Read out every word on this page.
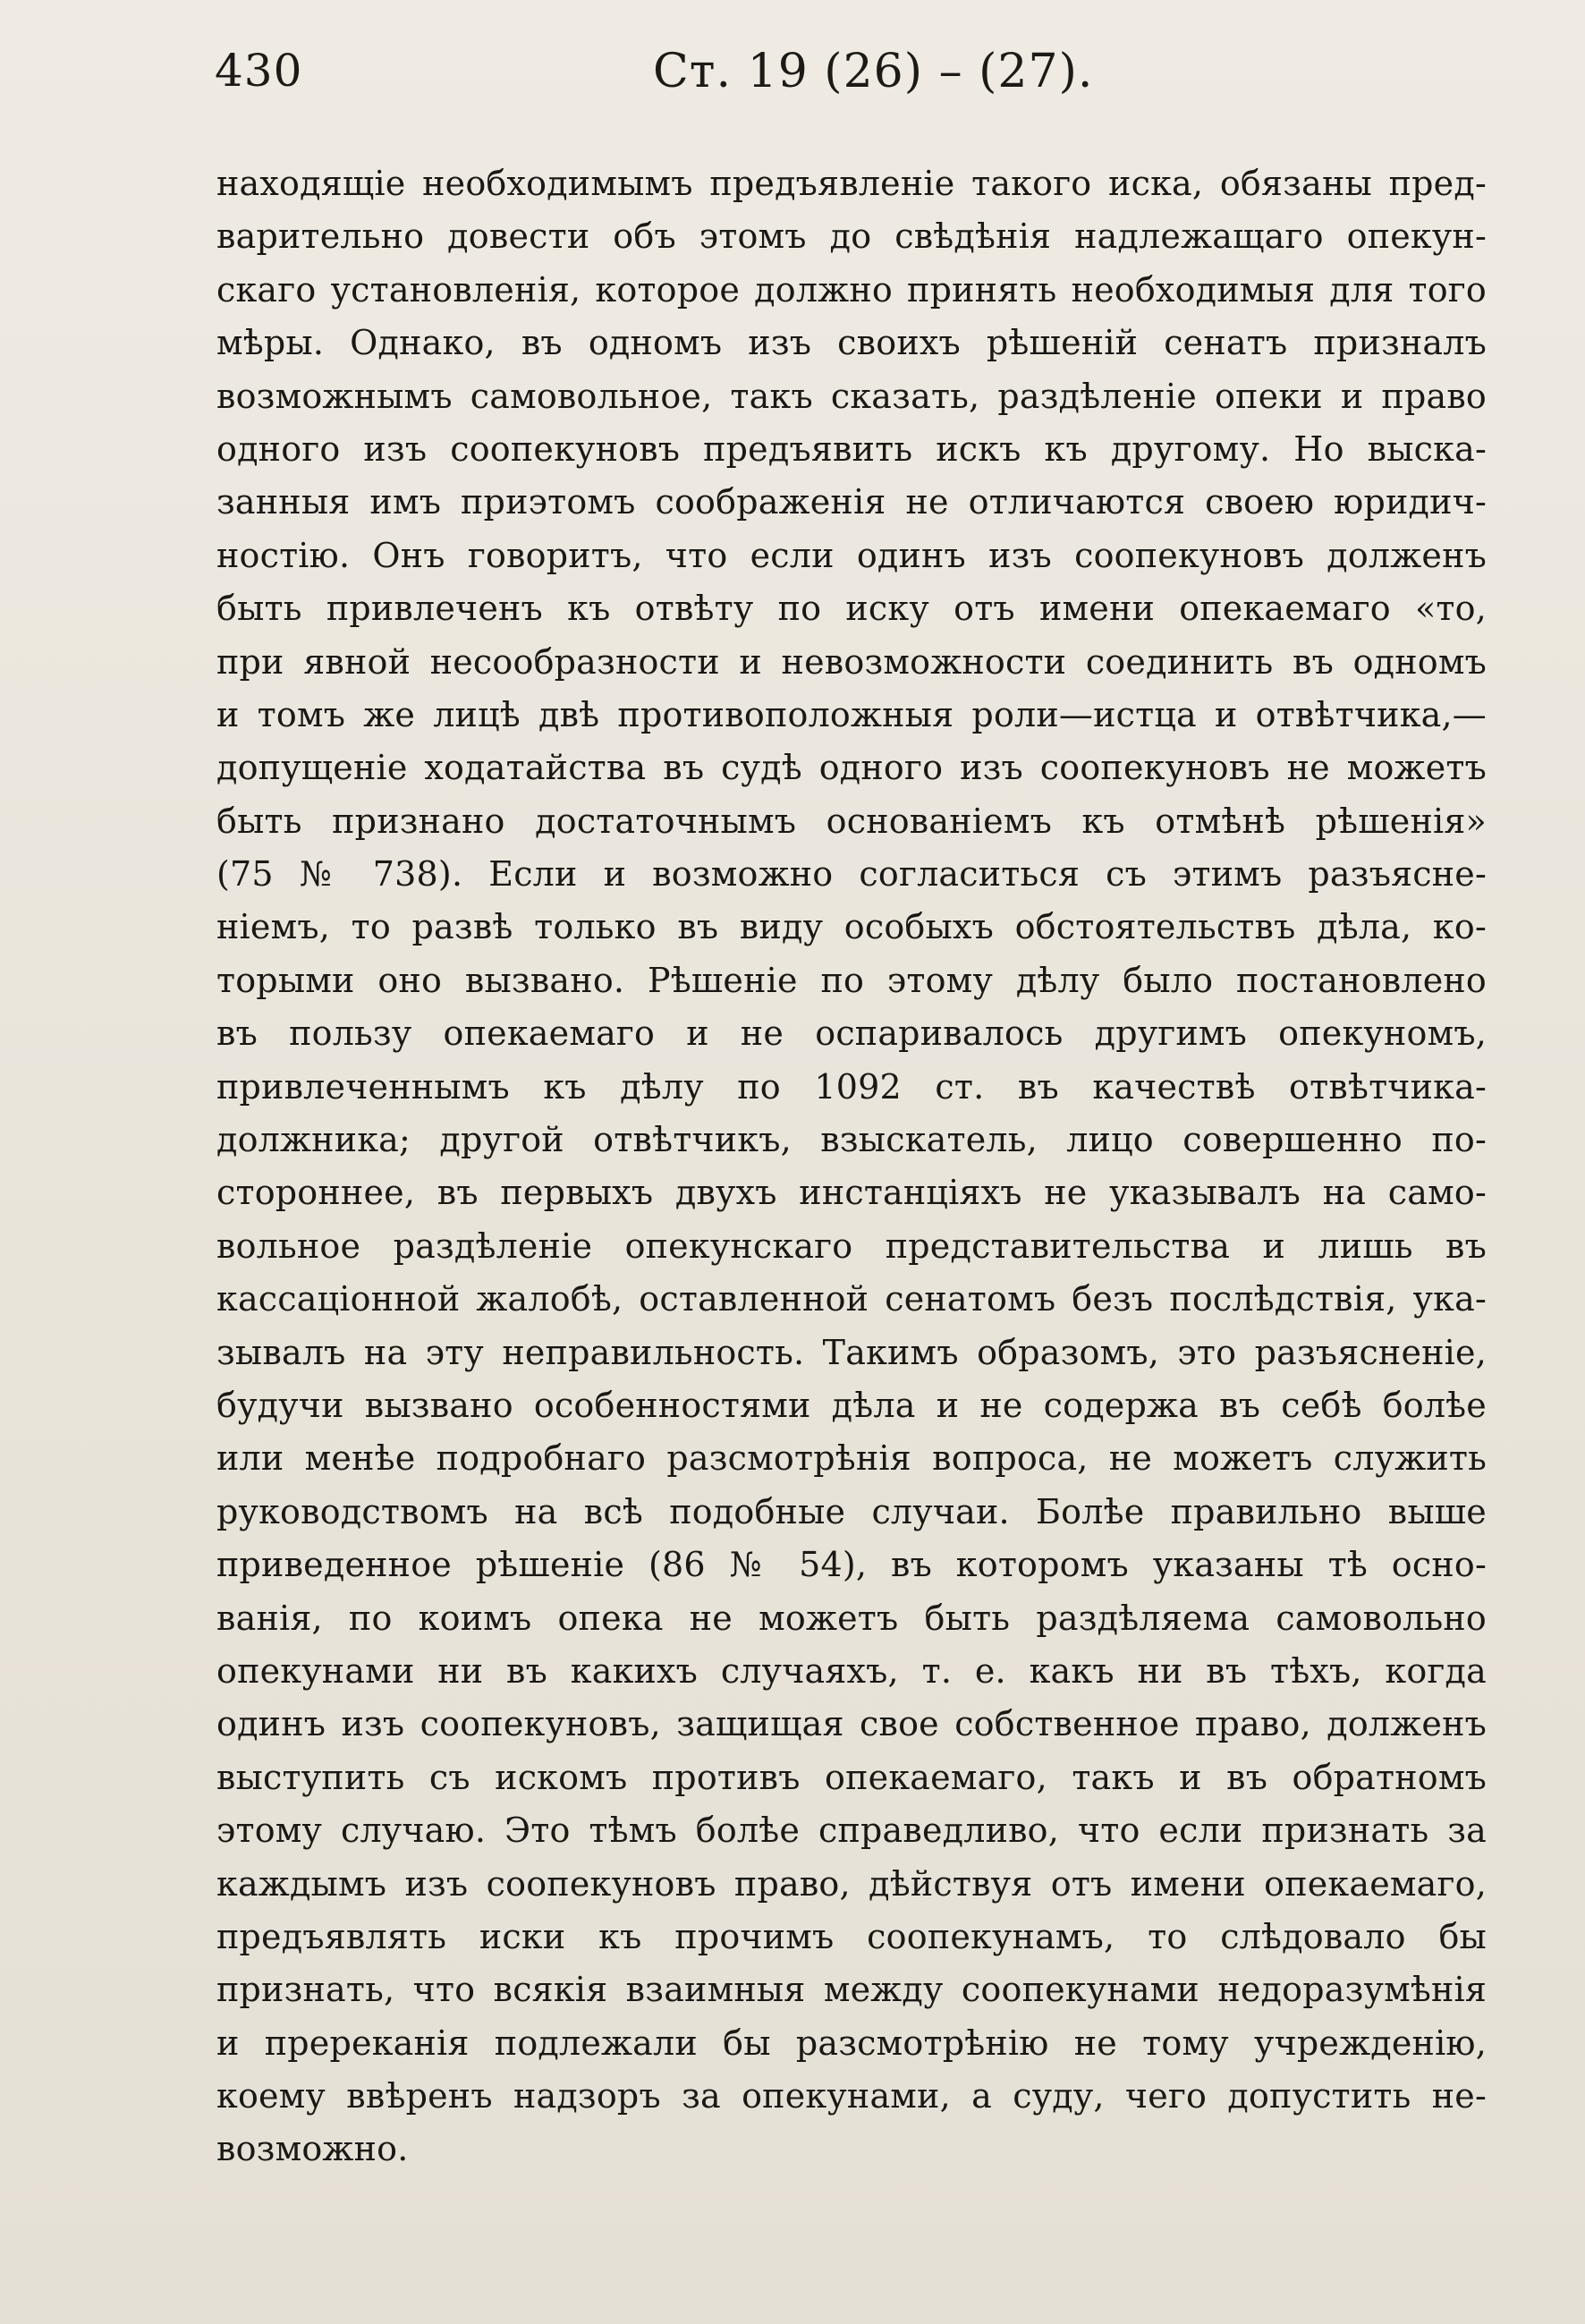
430	Ст. 19 (26) – (27).
находящіе необходимымъ предъявленіе такого иска, обязаны пред-
варительно довести объ этомъ до свѣдѣнія надлежащаго опекун-
скаго установленія, которое должно принять необходимыя для того
мѣры. Однако, въ одномъ изъ своихъ рѣшеній сенатъ призналъ
возможнымъ самовольное, такъ сказать, раздѣленіе опеки и право
одного изъ соопекуновъ предъявить искъ къ другому. Но выска-
занныя имъ приэтомъ соображенія не отличаются своею юридич-
ностію. Онъ говоритъ, что если одинъ изъ соопекуновъ долженъ
быть привлеченъ къ отвѣту по иску отъ имени опекаемаго «то,
при явной несообразности и невозможности соединить въ одномъ
и томъ же лицѣ двѣ противоположныя роли—истца и отвѣтчика,—
допущеніе ходатайства въ судѣ одного изъ соопекуновъ не можетъ
быть признано достаточнымъ основаніемъ къ отмѣнѣ рѣшенія»
(75 № 738). Если и возможно согласиться съ этимъ разъясне-
ніемъ, то развѣ только въ виду особыхъ обстоятельствъ дѣла, ко-
торыми оно вызвано. Рѣшеніе по этому дѣлу было постановлено
въ пользу опекаемаго и не оспаривалось другимъ опекуномъ,
привлеченнымъ къ дѣлу по 1092 ст. въ качествѣ отвѣтчика-
должника; другой отвѣтчикъ, взыскатель, лицо совершенно по-
стороннее, въ первыхъ двухъ инстанціяхъ не указывалъ на само-
вольное раздѣленіе опекунскаго представительства и лишь въ
кассаціонной жалобѣ, оставленной сенатомъ безъ послѣдствія, ука-
зывалъ на эту неправильность. Такимъ образомъ, это разъясненіе,
будучи вызвано особенностями дѣла и не содержа въ себѣ болѣе
или менѣе подробнаго разсмотрѣнія вопроса, не можетъ служить
руководствомъ на всѣ подобные случаи. Болѣе правильно выше
приведенное рѣшеніе (86 № 54), въ которомъ указаны тѣ осно-
ванія, по коимъ опека не можетъ быть раздѣляема самовольно
опекунами ни въ какихъ случаяхъ, т. е. какъ ни въ тѣхъ, когда
одинъ изъ соопекуновъ, защищая свое собственное право, долженъ
выступить съ искомъ противъ опекаемаго, такъ и въ обратномъ
этому случаю. Это тѣмъ болѣе справедливо, что если признать за
каждымъ изъ соопекуновъ право, дѣйствуя отъ имени опекаемаго,
предъявлять иски къ прочимъ соопекунамъ, то слѣдовало бы
признать, что всякія взаимныя между соопекунами недоразумѣнія
и пререканія подлежали бы разсмотрѣнію не тому учрежденію,
коему ввѣренъ надзоръ за опекунами, а суду, чего допустить не-
возможно.
